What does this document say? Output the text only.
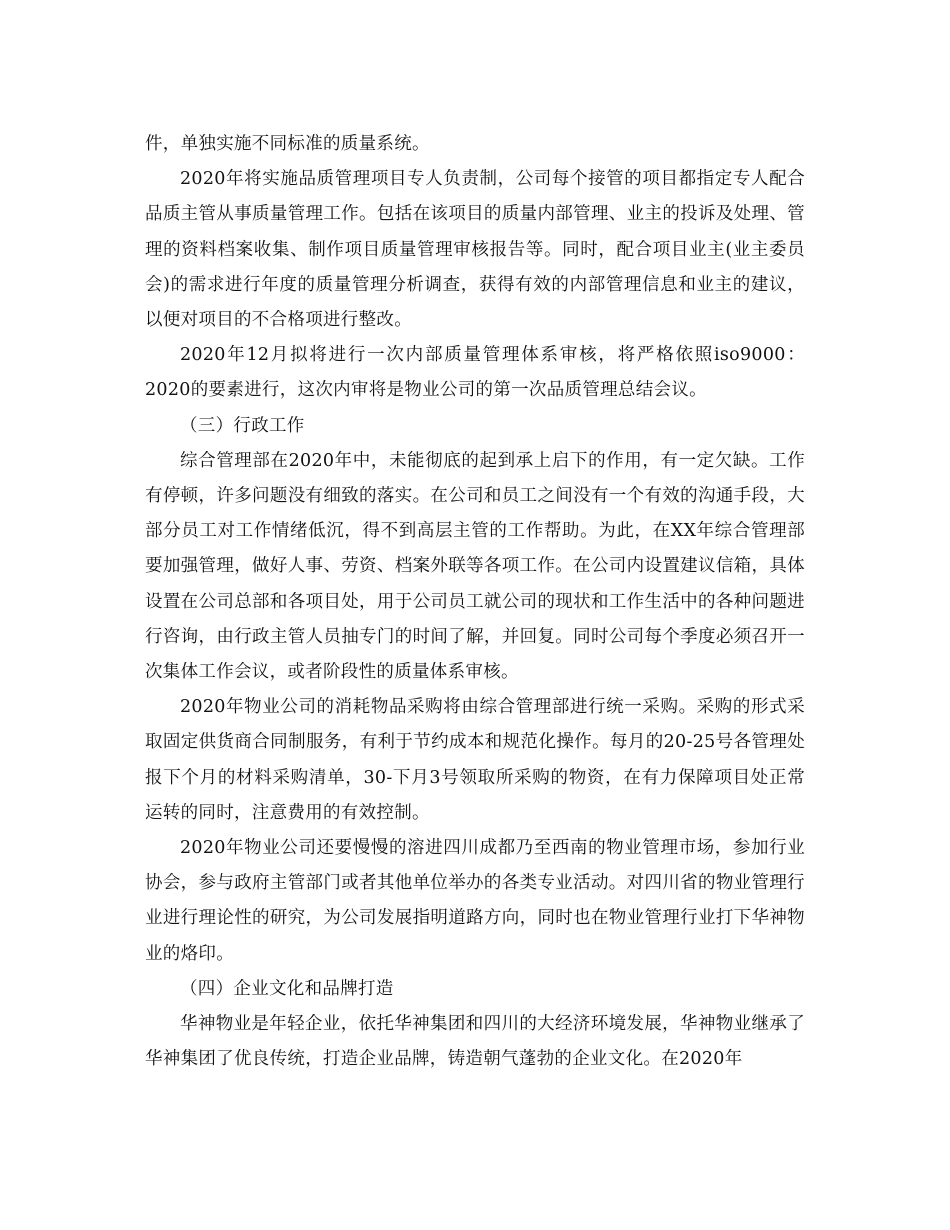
件，单独实施不同标准的质量系统。

2020年将实施品质管理项目专人负责制，公司每个接管的项目都指定专人配合品质主管从事质量管理工作。包括在该项目的质量内部管理、业主的投诉及处理、管理的资料档案收集、制作项目质量管理审核报告等。同时，配合项目业主(业主委员会)的需求进行年度的质量管理分析调查，获得有效的内部管理信息和业主的建议，以便对项目的不合格项进行整改。

2020年12月拟将进行一次内部质量管理体系审核，将严格依照iso9000：2020的要素进行，这次内审将是物业公司的第一次品质管理总结会议。

（三）行政工作

综合管理部在2020年中，未能彻底的起到承上启下的作用，有一定欠缺。工作有停顿，许多问题没有细致的落实。在公司和员工之间没有一个有效的沟通手段，大部分员工对工作情绪低沉，得不到高层主管的工作帮助。为此，在XX年综合管理部要加强管理，做好人事、劳资、档案外联等各项工作。在公司内设置建议信箱，具体设置在公司总部和各项目处，用于公司员工就公司的现状和工作生活中的各种问题进行咨询，由行政主管人员抽专门的时间了解，并回复。同时公司每个季度必须召开一次集体工作会议，或者阶段性的质量体系审核。

2020年物业公司的消耗物品采购将由综合管理部进行统一采购。采购的形式采取固定供货商合同制服务，有利于节约成本和规范化操作。每月的20-25号各管理处报下个月的材料采购清单，30-下月3号领取所采购的物资，在有力保障项目处正常运转的同时，注意费用的有效控制。

2020年物业公司还要慢慢的溶进四川成都乃至西南的物业管理市场，参加行业协会，参与政府主管部门或者其他单位举办的各类专业活动。对四川省的物业管理行业进行理论性的研究，为公司发展指明道路方向，同时也在物业管理行业打下华神物业的烙印。

（四）企业文化和品牌打造

华神物业是年轻企业，依托华神集团和四川的大经济环境发展，华神物业继承了华神集团了优良传统，打造企业品牌，铸造朝气蓬勃的企业文化。在2020年
